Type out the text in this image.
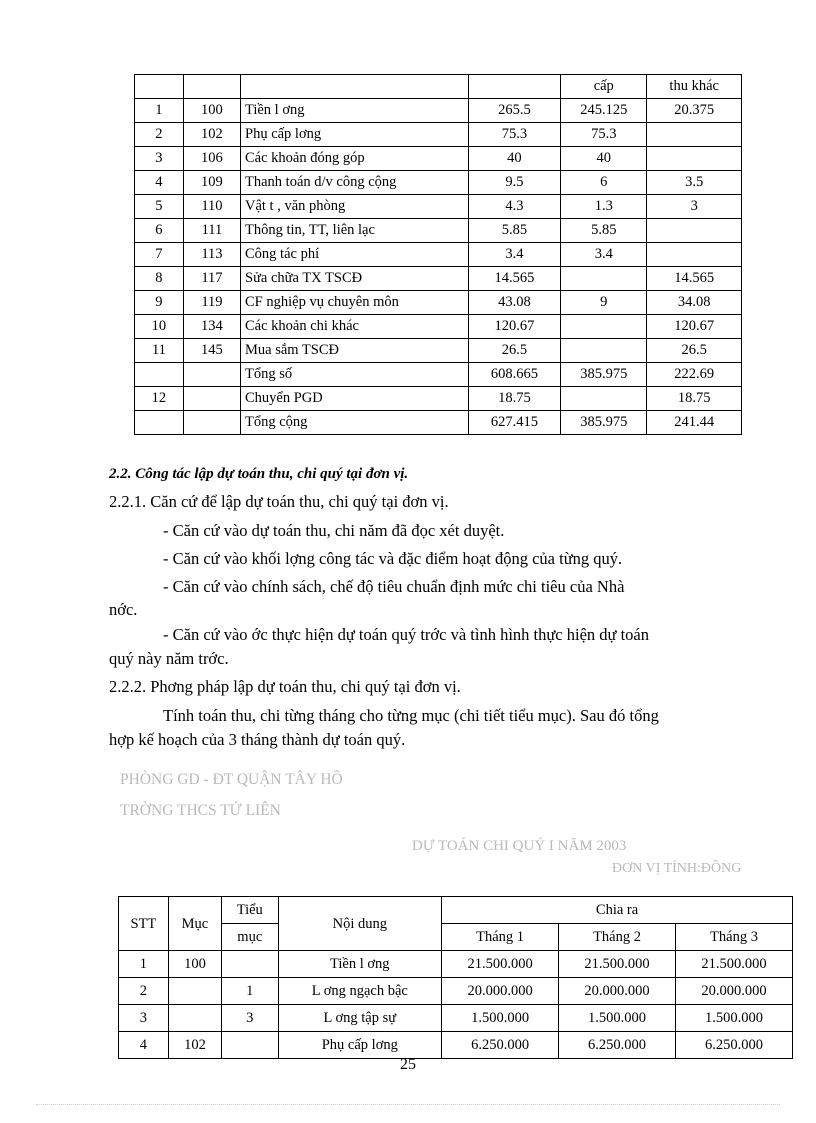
				cấp	thu khác
1	100	Tiền l ơng	265.5	245.125	20.375
2	102	Phụ cấp lơng	75.3	75.3	
3	106	Các khoản đóng góp	40	40	
4	109	Thanh toán d/v công cộng	9.5	6	3.5
5	110	Vật t , văn phòng	4.3	1.3	3
6	111	Thông tin, TT, liên lạc	5.85	5.85	
7	113	Công tác phí	3.4	3.4	
8	117	Sửa chữa TX TSCĐ	14.565		14.565
9	119	CF nghiệp vụ chuyên môn	43.08	9	34.08
10	134	Các khoản chi khác	120.67		120.67
11	145	Mua sắm TSCĐ	26.5		26.5
		Tổng số	608.665	385.975	222.69
12		Chuyển PGD	18.75		18.75
		Tổng cộng	627.415	385.975	241.44
2.2. Công tác lập dự toán thu, chi quý tại đơn vị.
2.2.1. Căn cứ để lập dự toán thu, chi quý tại đơn vị.
- Căn cứ vào dự toán thu, chi năm đã đọc xét duyệt.
- Căn cứ vào khối lợng công tác và đặc điểm hoạt động của từng quý.
- Căn cứ vào chính sách, chế độ tiêu chuẩn định mức chi tiêu của Nhà
nớc.
- Căn cứ vào ớc thực hiện dự toán quý trớc và tình hình thực hiện dự toán
quý này năm trớc.
2.2.2. Phơng pháp lập dự toán thu, chi quý tại đơn vị.
Tính toán thu, chi từng tháng cho từng mục (chi tiết tiểu mục). Sau đó tổng
hợp kế hoạch của 3 tháng thành dự toán quý.
PHÒNG GD - ĐT QUẬN TÂY HỒ
TRỜNG THCS TỨ LIÊN
DỰ TOÁN CHI QUÝ I NĂM 2003
ĐƠN VỊ TÍNH:ĐỒNG
STT	Mục	Tiểu	Nội dung	Chia ra		
		mục		Tháng 1	Tháng 2	Tháng 3
1	100		Tiền l ơng	21.500.000	21.500.000	21.500.000
2		1	L ơng ngạch bậc	20.000.000	20.000.000	20.000.000
3		3	L ơng tập sự	1.500.000	1.500.000	1.500.000
4	102		Phụ cấp lơng	6.250.000	6.250.000	6.250.000
25
